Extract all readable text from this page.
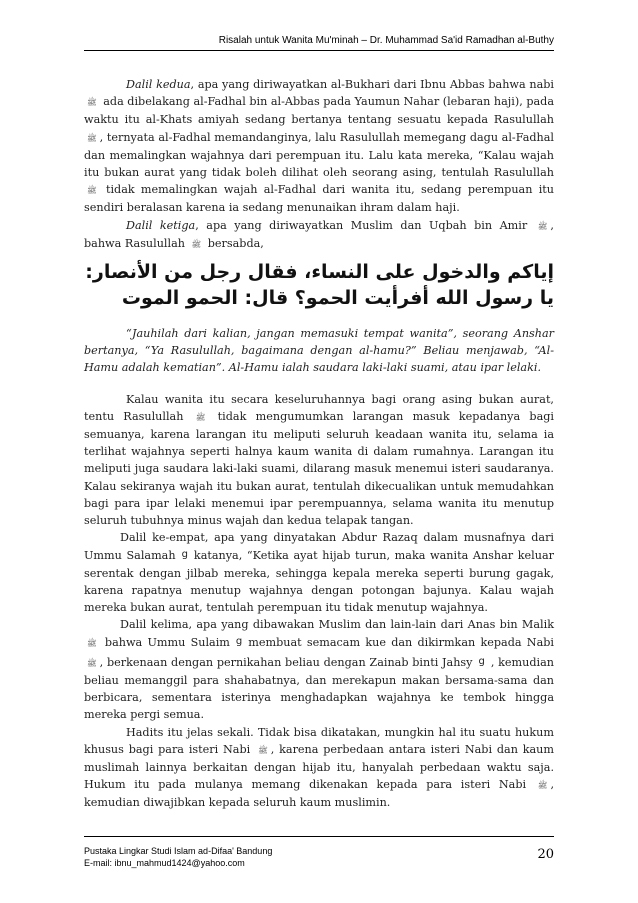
Risalah untuk Wanita Mu'minah – Dr. Muhammad Sa'id Ramadhan al-Buthy

Dalil kedua, apa yang diriwayatkan al-Bukhari dari Ibnu Abbas bahwa nabi ﷺ ada dibelakang al-Fadhal bin al-Abbas pada Yaumun Nahar (lebaran haji), pada waktu itu al-Khats amiyah sedang bertanya tentang sesuatu kepada Rasulullah ﷺ , ternyata al-Fadhal memandanginya, lalu Rasulullah memegang dagu al-Fadhal dan memalingkan wajahnya dari perempuan itu. Lalu kata mereka, “Kalau wajah itu bukan aurat yang tidak boleh dilihat oleh seorang asing, tentulah Rasulullah ﷺ tidak memalingkan wajah al-Fadhal dari wanita itu, sedang perempuan itu sendiri beralasan karena ia sedang menunaikan ihram dalam haji.

Dalil ketiga, apa yang diriwayatkan Muslim dan Uqbah bin Amir ﷺ , bahwa Rasulullah ﷺ bersabda,

ﺇﻳﺎﻛﻢ ﻭﺍﻟﺪﺧﻮﻝ ﻋﻠﻰ ﺍﻟﻨﺴﺎﺀ، ﻓﻘﺎﻝ ﺭﺟﻞ ﻣﻦ ﺍﻷﻧﺼﺎﺭ: ﻳﺎ ﺭﺳﻮﻝ ﺍﻟﻠﻪ ﺃﻓﺮﺃﻳﺖ ﺍﻟﺤﻤﻮ؟ ﻗﺎﻝ: ﺍﻟﺤﻤﻮ ﺍﻟﻤﻮﺕ

“Jauhilah dari kalian, jangan memasuki tempat wanita”, seorang Anshar bertanya, “Ya Rasulullah, bagaimana dengan al-hamu?” Beliau menjawab, “Al-Hamu adalah kematian”. Al-Hamu ialah saudara laki-laki suami, atau ipar lelaki.

Kalau wanita itu secara keseluruhannya bagi orang asing bukan aurat, tentu Rasulullah ﷺ tidak mengumumkan larangan masuk kepadanya bagi semuanya, karena larangan itu meliputi seluruh keadaan wanita itu, selama ia terlihat wajahnya seperti halnya kaum wanita di dalam rumahnya. Larangan itu meliputi juga saudara laki-laki suami, dilarang masuk menemui isteri saudaranya. Kalau sekiranya wajah itu bukan aurat, tentulah dikecualikan untuk memudahkan bagi para ipar lelaki menemui ipar perempuannya, selama wanita itu menutup seluruh tubuhnya minus wajah dan kedua telapak tangan.

Dalil ke-empat, apa yang dinyatakan Abdur Razaq dalam musnafnya dari Ummu Salamah g katanya, “Ketika ayat hijab turun, maka wanita Anshar keluar serentak dengan jilbab mereka, sehingga kepala mereka seperti burung gagak, karena rapatnya menutup wajahnya dengan potongan bajunya. Kalau wajah mereka bukan aurat, tentulah perempuan itu tidak menutup wajahnya.

Dalil kelima, apa yang dibawakan Muslim dan lain-lain dari Anas bin Malik ﷺ bahwa Ummu Sulaim g membuat semacam kue dan dikirmkan kepada Nabi ﷺ , berkenaan dengan pernikahan beliau dengan Zainab binti Jahsy g , kemudian beliau memanggil para shahabatnya, dan merekapun makan bersama-sama dan berbicara, sementara isterinya menghadapkan wajahnya ke tembok hingga mereka pergi semua.

Hadits itu jelas sekali. Tidak bisa dikatakan, mungkin hal itu suatu hukum khusus bagi para isteri Nabi ﷺ , karena perbedaan antara isteri Nabi dan kaum muslimah lainnya berkaitan dengan hijab itu, hanyalah perbedaan waktu saja. Hukum itu pada mulanya memang dikenakan kepada para isteri Nabi ﷺ , kemudian diwajibkan kepada seluruh kaum muslimin.

Pustaka Lingkar Studi Islam ad-Difaa' Bandung
E-mail: ibnu_mahmud1424@yahoo.com
20
